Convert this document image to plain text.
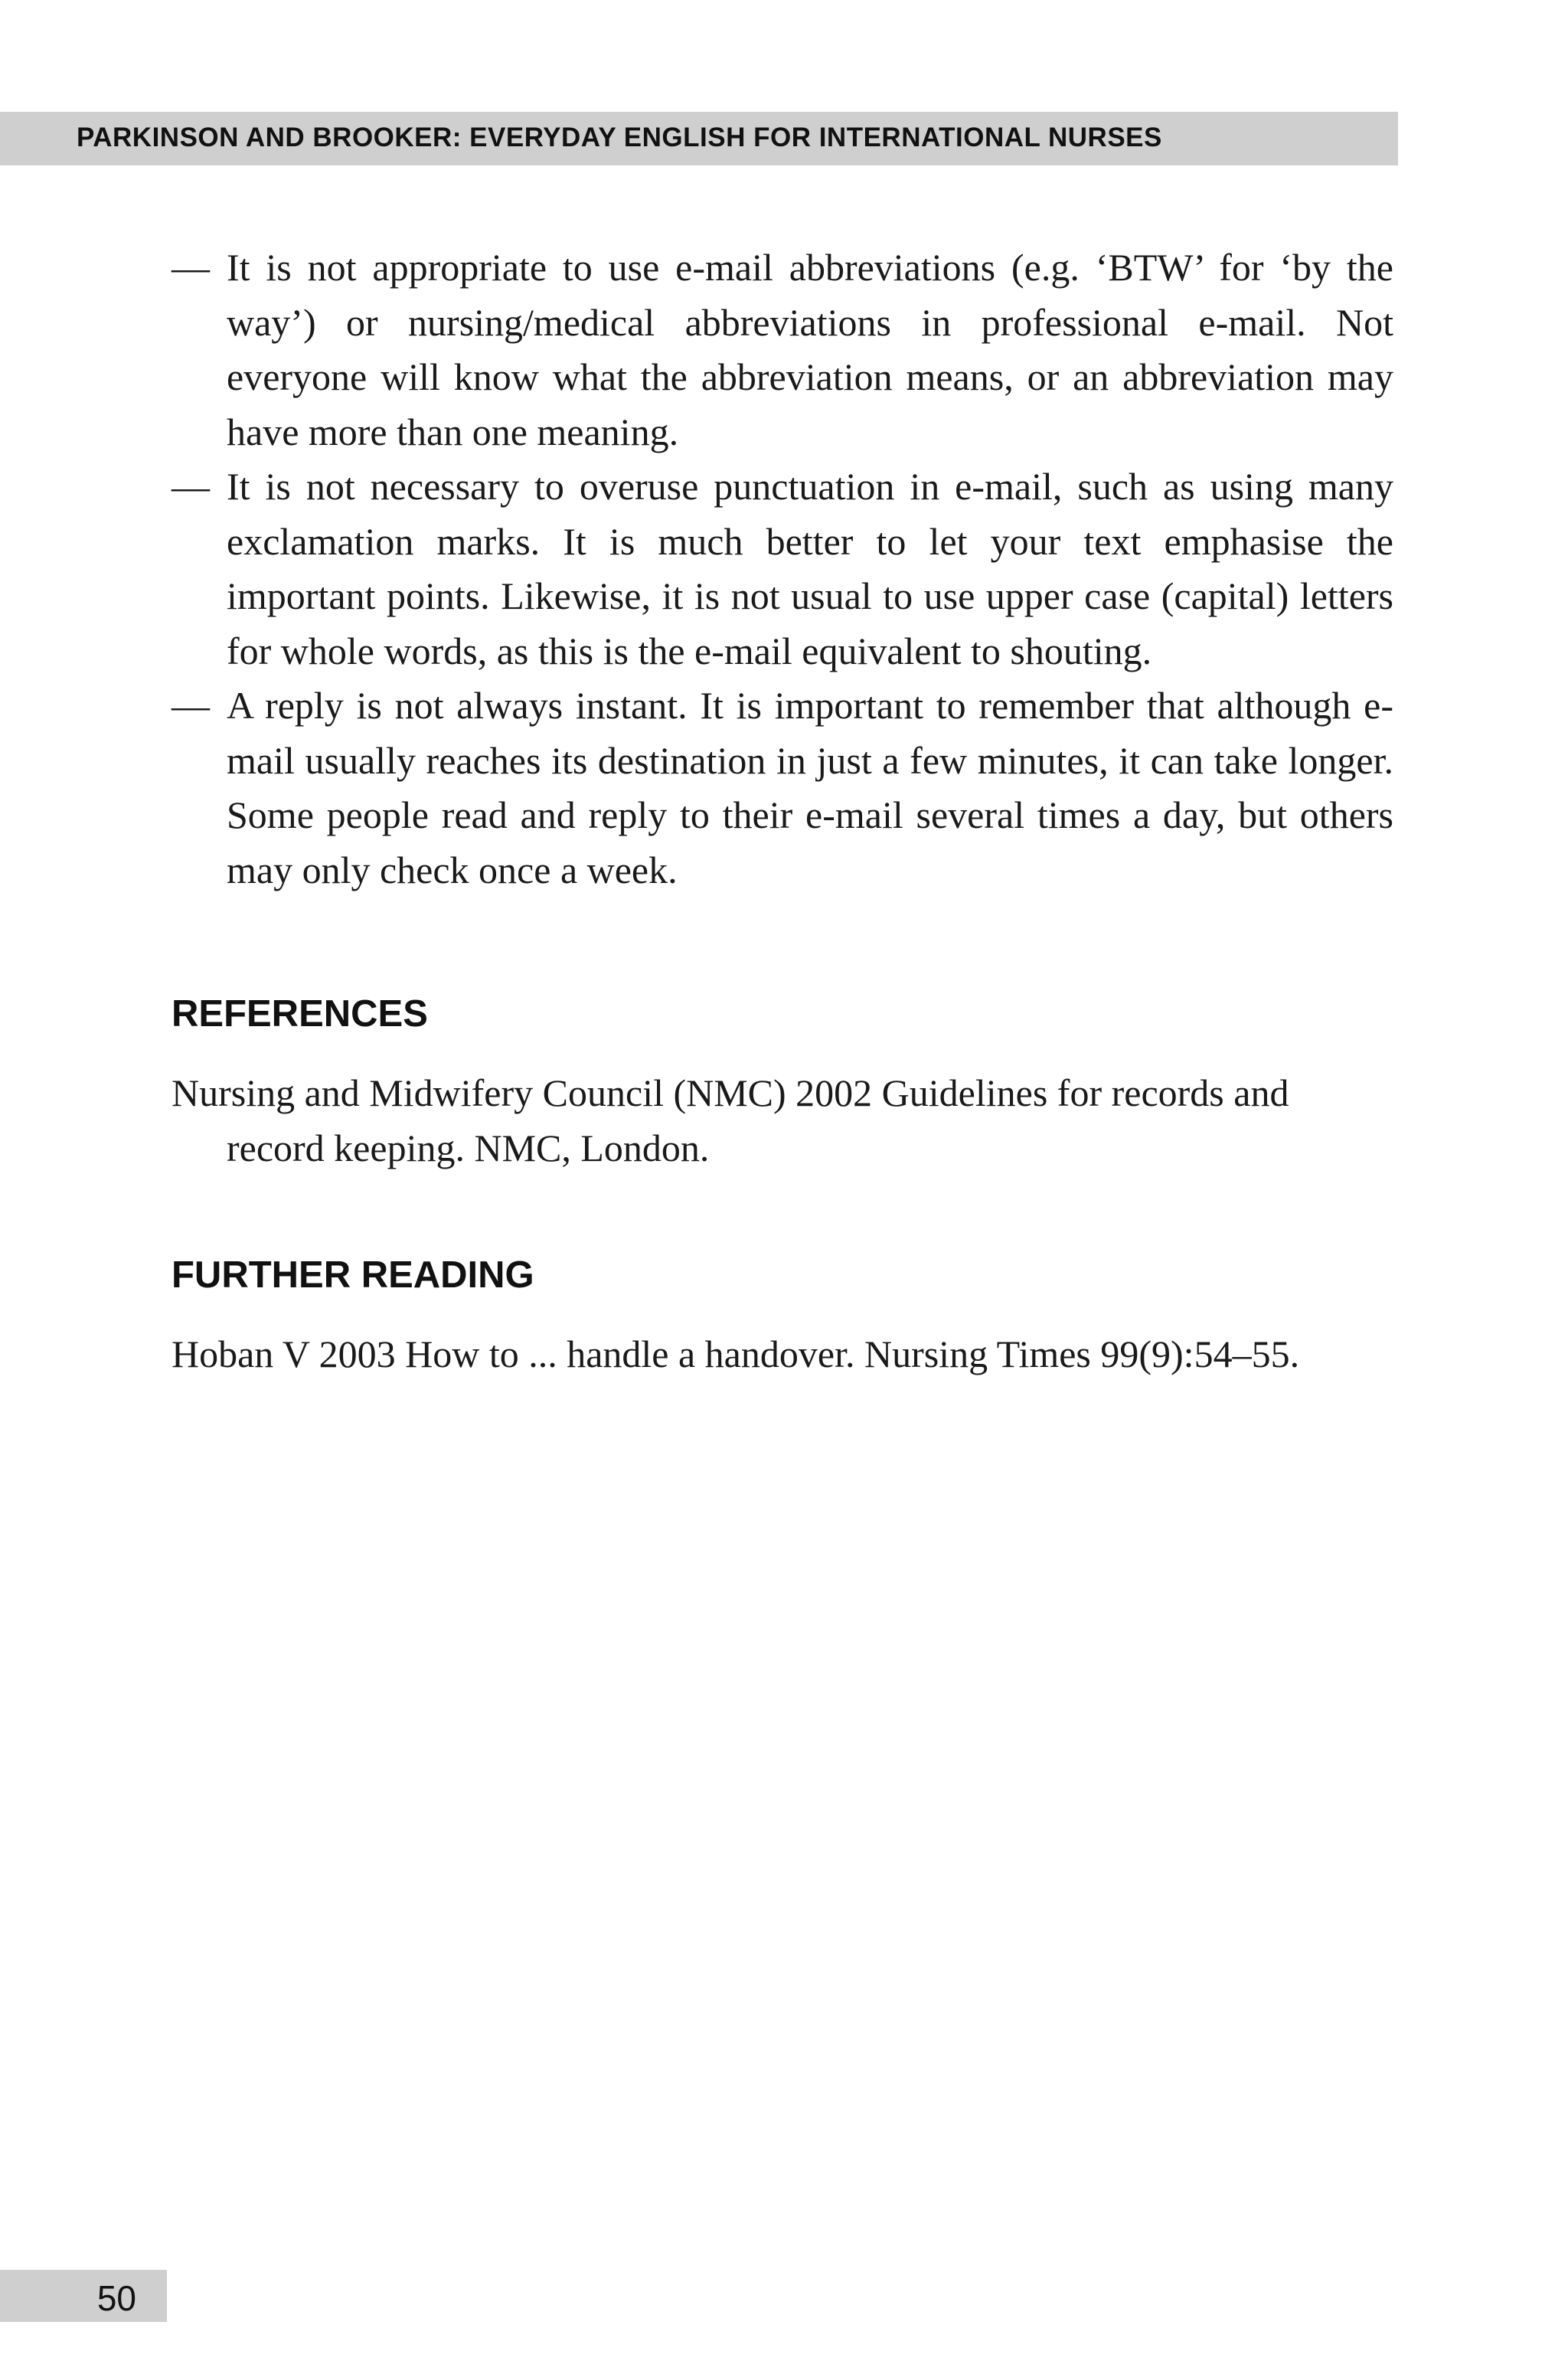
PARKINSON AND BROOKER: EVERYDAY ENGLISH FOR INTERNATIONAL NURSES

— It is not appropriate to use e-mail abbreviations (e.g. ‘BTW’ for ‘by the way’) or nursing/medical abbreviations in professional e-mail. Not everyone will know what the abbreviation means, or an abbreviation may have more than one meaning.

— It is not necessary to overuse punctuation in e-mail, such as using many exclamation marks. It is much better to let your text emphasise the important points. Likewise, it is not usual to use upper case (capital) letters for whole words, as this is the e-mail equivalent to shouting.

— A reply is not always instant. It is important to remember that although e-mail usually reaches its destination in just a few minutes, it can take longer. Some people read and reply to their e-mail several times a day, but others may only check once a week.

REFERENCES

Nursing and Midwifery Council (NMC) 2002 Guidelines for records and record keeping. NMC, London.

FURTHER READING

Hoban V 2003 How to ... handle a handover. Nursing Times 99(9):54–55.

50
